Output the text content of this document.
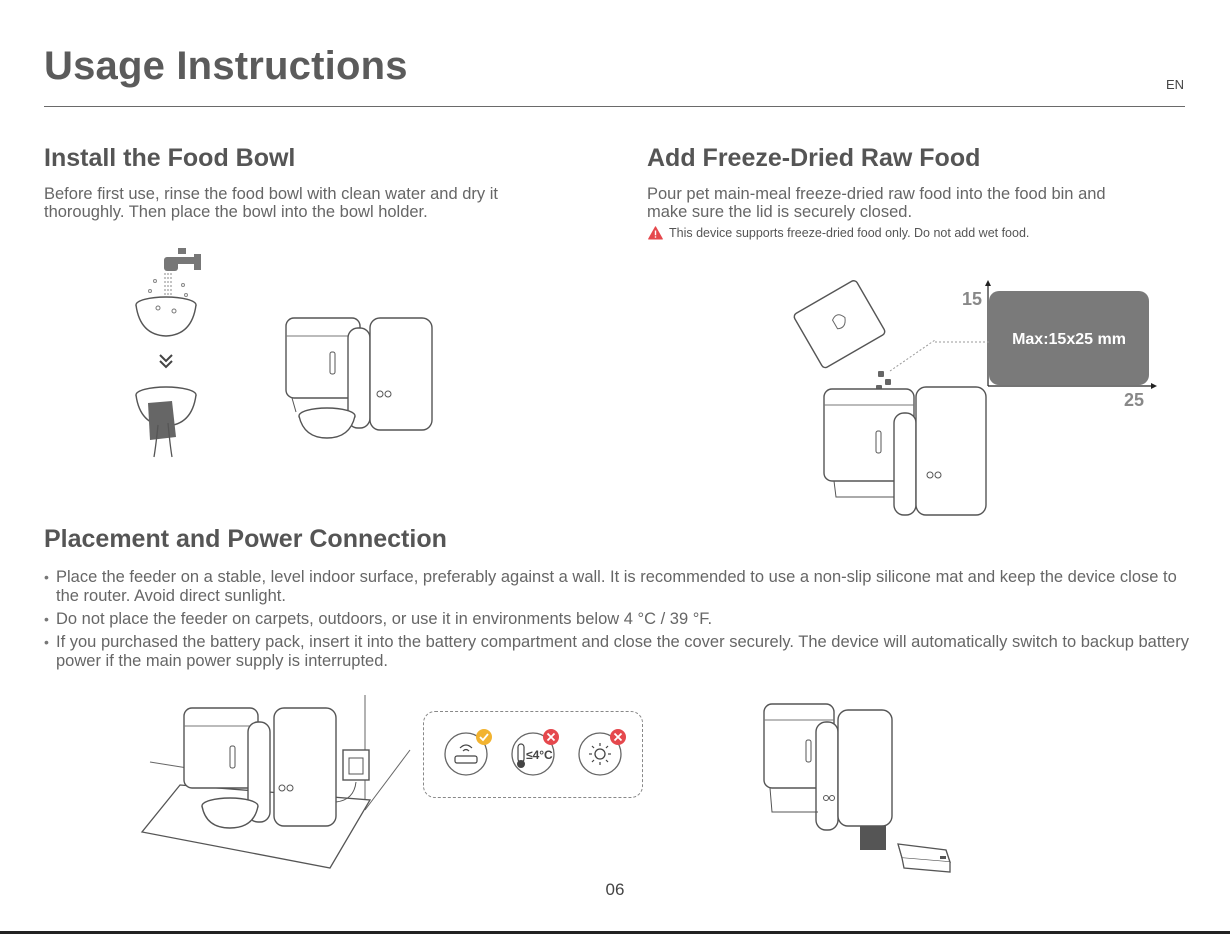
Usage Instructions	EN
Install the Food Bowl
Before first use, rinse the food bowl with clean water and dry it
thoroughly. Then place the bowl into the bowl holder.
Add Freeze-Dried Raw Food
Pour pet main-meal freeze-dried raw food into the food bin and
make sure the lid is securely closed.
This device supports freeze-dried food only. Do not add wet food.
15
25
Max:15x25 mm
Placement and Power Connection
• Place the feeder on a stable, level indoor surface, preferably against a wall. It is recommended to use a non-slip silicone mat and keep the device close to the router. Avoid direct sunlight.
• Do not place the feeder on carpets, outdoors, or use it in environments below 4 °C / 39 °F.
• If you purchased the battery pack, insert it into the battery compartment and close the cover securely. The device will automatically switch to backup battery power if the main power supply is interrupted.
≤4°C
06
